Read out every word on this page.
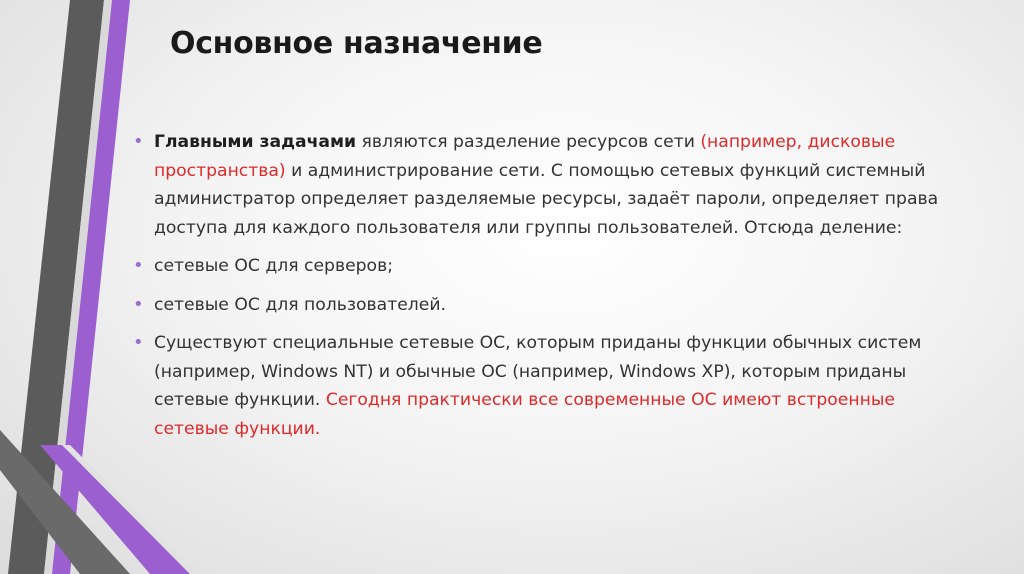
Основное назначение
• Главными задачами являются разделение ресурсов сети (например, дисковые пространства) и администрирование сети. С помощью сетевых функций системный администратор определяет разделяемые ресурсы, задаёт пароли, определяет права доступа для каждого пользователя или группы пользователей. Отсюда деление:
• сетевые ОС для серверов;
• сетевые ОС для пользователей.
• Существуют специальные сетевые ОС, которым приданы функции обычных систем (например, Windows NT) и обычные ОС (например, Windows XP), которым приданы сетевые функции. Сегодня практически все современные ОС имеют встроенные сетевые функции.
